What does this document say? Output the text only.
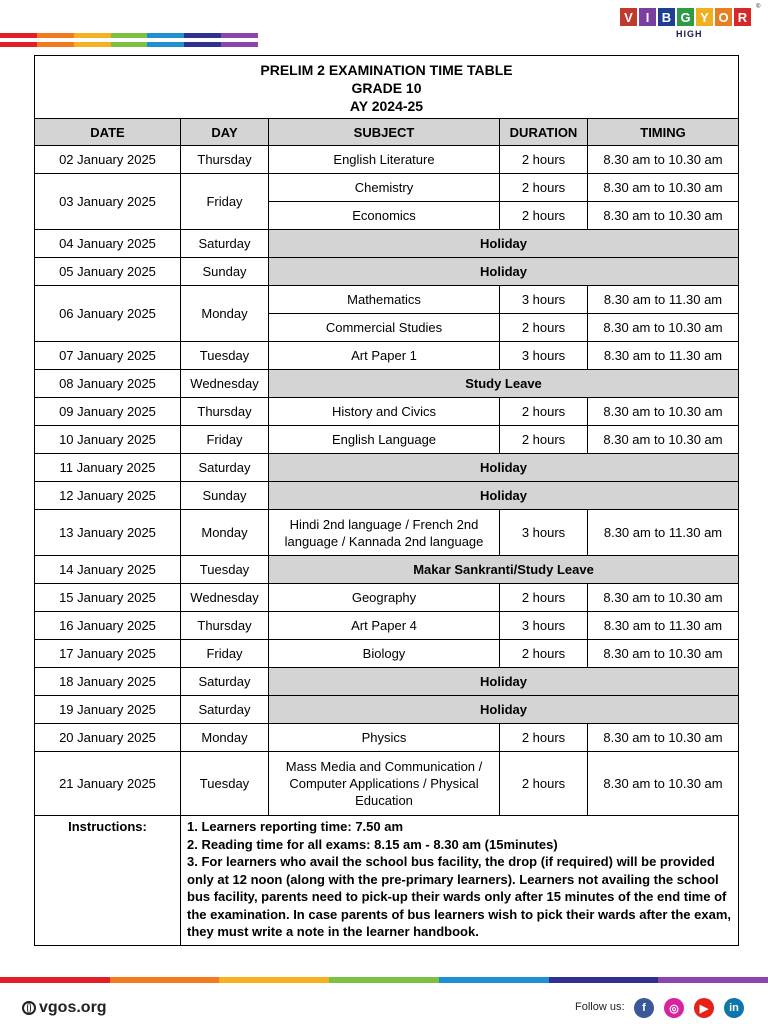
V I B G Y O R
HIGH
®
PRELIM 2 EXAMINATION TIME TABLE
GRADE 10
AY 2024-25				

DATE	DAY	SUBJECT	DURATION	TIMING
02 January 2025	Thursday	English Literature	2 hours	8.30 am to 10.30 am
03 January 2025	Friday	Chemistry	2 hours	8.30 am to 10.30 am
		Economics	2 hours	8.30 am to 10.30 am
04 January 2025	Saturday	Holiday		
05 January 2025	Sunday	Holiday		
06 January 2025	Monday	Mathematics	3 hours	8.30 am to 11.30 am
		Commercial Studies	2 hours	8.30 am to 10.30 am
07 January 2025	Tuesday	Art Paper 1	3 hours	8.30 am to 11.30 am
08 January 2025	Wednesday	Study Leave		
09 January 2025	Thursday	History and Civics	2 hours	8.30 am to 10.30 am
10 January 2025	Friday	English Language	2 hours	8.30 am to 10.30 am
11 January 2025	Saturday	Holiday		
12 January 2025	Sunday	Holiday		
13 January 2025	Monday	Hindi 2nd language / French 2nd language / Kannada 2nd language	3 hours	8.30 am to 11.30 am
14 January 2025	Tuesday	Makar Sankranti/Study Leave		
15 January 2025	Wednesday	Geography	2 hours	8.30 am to 10.30 am
16 January 2025	Thursday	Art Paper 4	3 hours	8.30 am to 11.30 am
17 January 2025	Friday	Biology	2 hours	8.30 am to 10.30 am
18 January 2025	Saturday	Holiday		
19 January 2025	Saturday	Holiday		
20 January 2025	Monday	Physics	2 hours	8.30 am to 10.30 am
21 January 2025	Tuesday	Mass Media and Communication / Computer Applications / Physical Education	2 hours	8.30 am to 10.30 am
Instructions:	1. Learners reporting time: 7.50 am
2. Reading time for all exams: 8.15 am - 8.30 am (15minutes)
3. For learners who avail the school bus facility, the drop (if required) will be provided only at 12 noon (along with the pre-primary learners). Learners not availing the school bus facility, parents need to pick-up their wards only after 15 minutes of the end time of the examination. In case parents of bus learners wish to pick their wards after the exam, they must write a note in the learner handbook.			
vgos.org	Follow us:	f	◎	▶	in
